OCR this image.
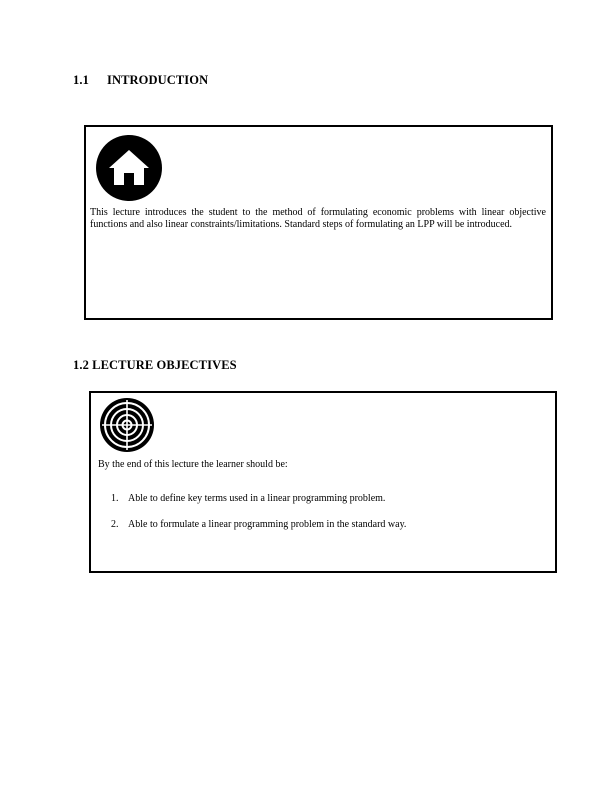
1.1 INTRODUCTION

This lecture introduces the student to the method of formulating economic problems with linear objective functions and also linear constraints/limitations. Standard steps of formulating an LPP will be introduced.

1.2 LECTURE OBJECTIVES

By the end of this lecture the learner should be:

1. Able to define key terms used in a linear programming problem.
2. Able to formulate a linear programming problem in the standard way.
